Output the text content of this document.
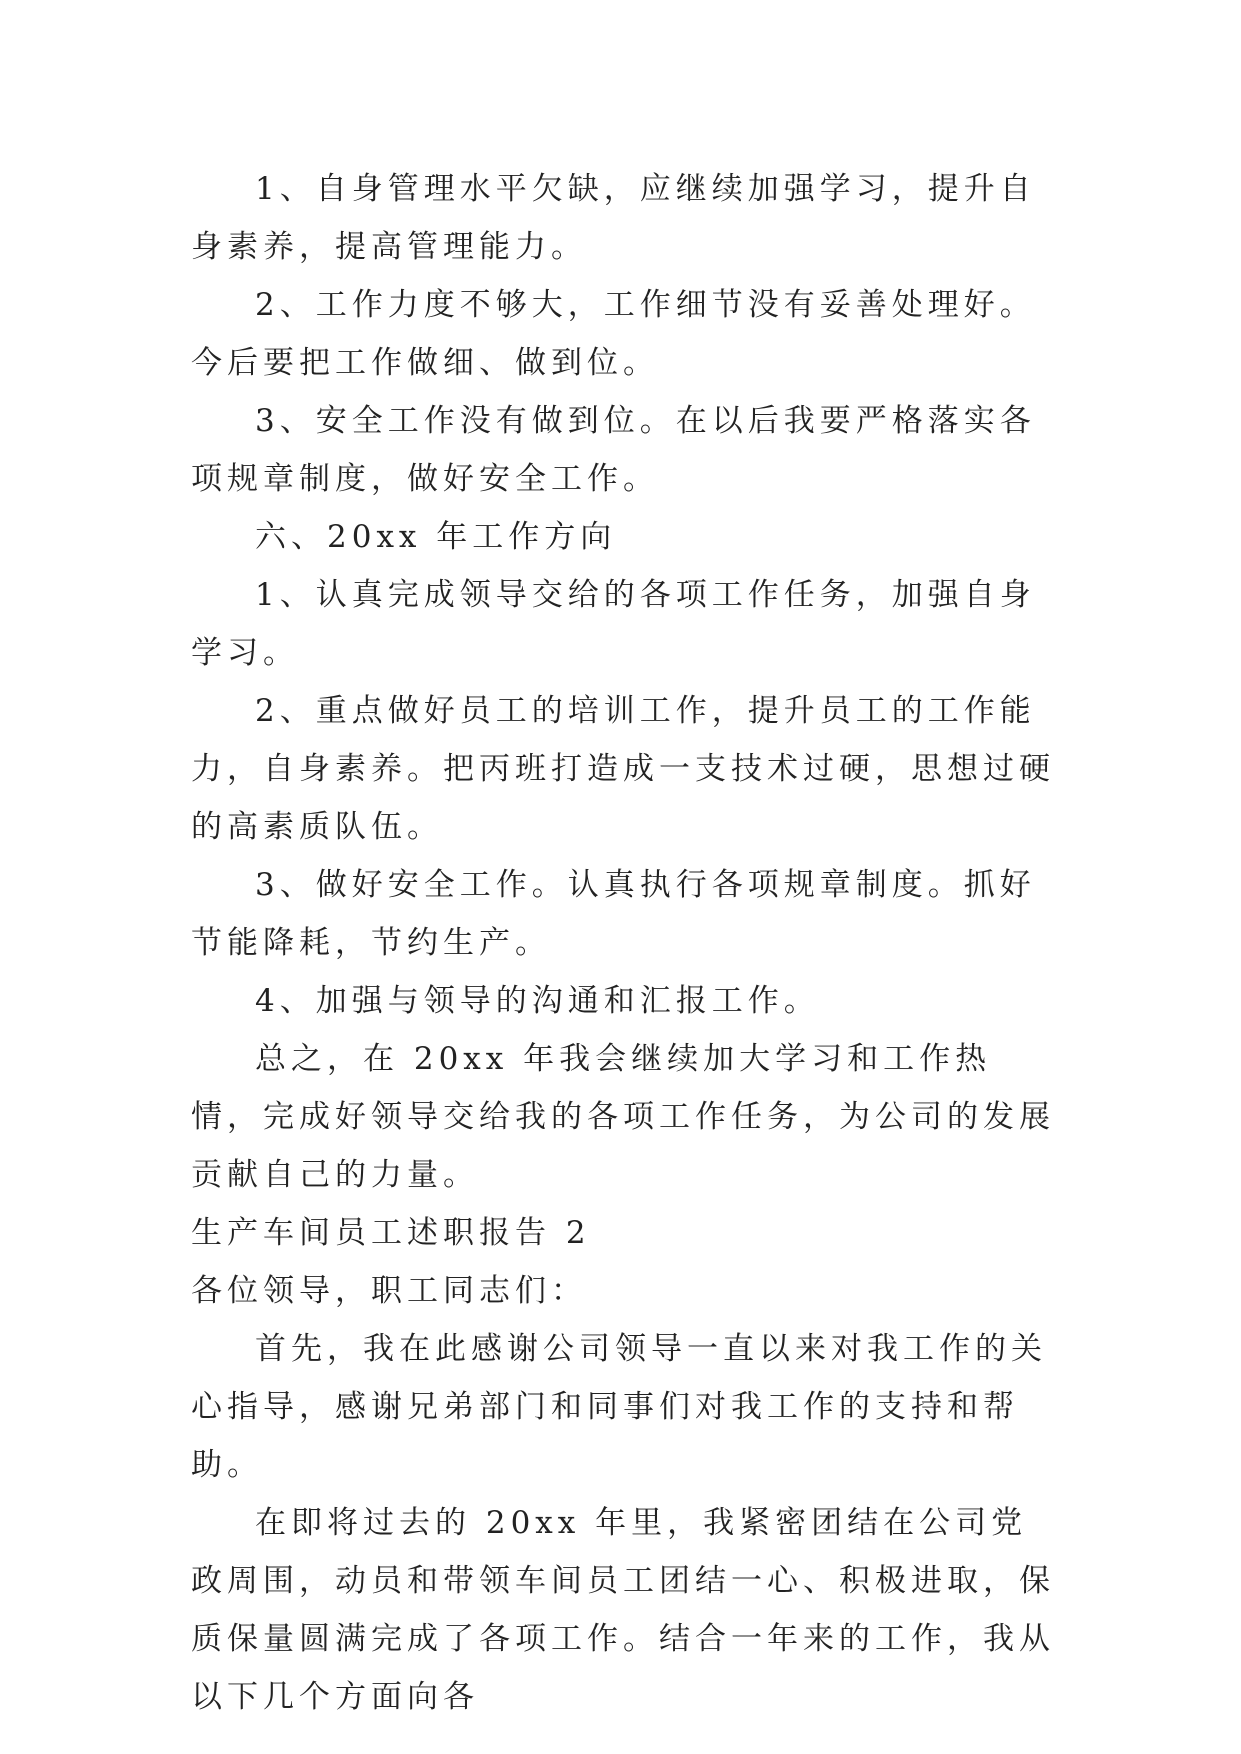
1、自身管理水平欠缺，应继续加强学习，提升自身素养，提高管理能力。

2、工作力度不够大，工作细节没有妥善处理好。今后要把工作做细、做到位。

3、安全工作没有做到位。在以后我要严格落实各项规章制度，做好安全工作。

六、20xx 年工作方向

1、认真完成领导交给的各项工作任务，加强自身学习。

2、重点做好员工的培训工作，提升员工的工作能力，自身素养。把丙班打造成一支技术过硬，思想过硬的高素质队伍。

3、做好安全工作。认真执行各项规章制度。抓好节能降耗，节约生产。

4、加强与领导的沟通和汇报工作。

总之，在 20xx 年我会继续加大学习和工作热情，完成好领导交给我的各项工作任务，为公司的发展贡献自己的力量。

生产车间员工述职报告 2

各位领导，职工同志们：

首先，我在此感谢公司领导一直以来对我工作的关心指导，感谢兄弟部门和同事们对我工作的支持和帮助。

在即将过去的 20xx 年里，我紧密团结在公司党政周围，动员和带领车间员工团结一心、积极进取，保质保量圆满完成了各项工作。结合一年来的工作，我从以下几个方面向各
